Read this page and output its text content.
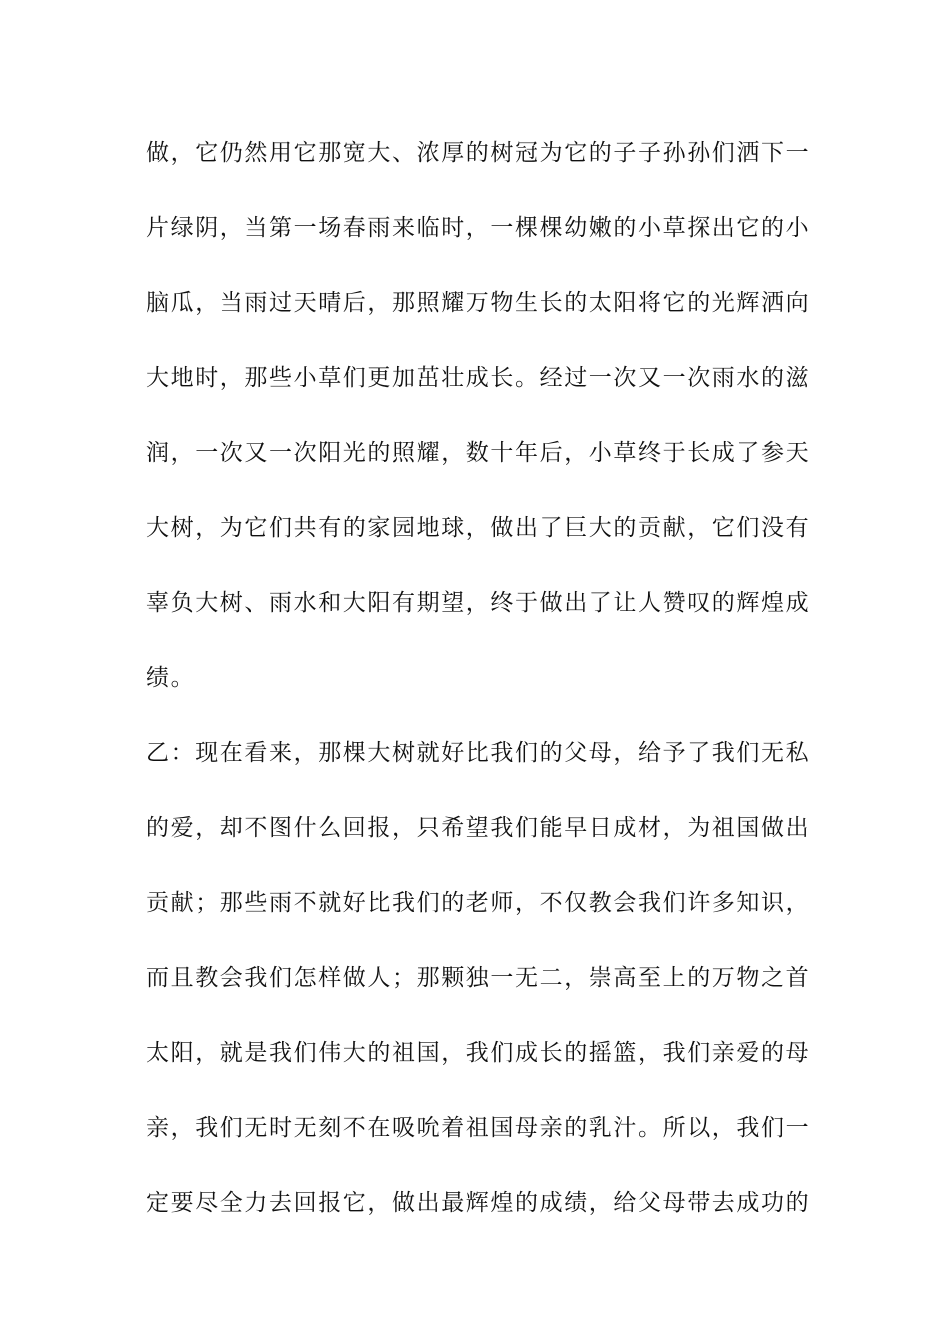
做，它仍然用它那宽大、浓厚的树冠为它的子子孙孙们洒下一
片绿阴，当第一场春雨来临时，一棵棵幼嫩的小草探出它的小
脑瓜，当雨过天晴后，那照耀万物生长的太阳将它的光辉洒向
大地时，那些小草们更加茁壮成长。经过一次又一次雨水的滋
润，一次又一次阳光的照耀，数十年后，小草终于长成了参天
大树，为它们共有的家园地球，做出了巨大的贡献，它们没有
辜负大树、雨水和大阳有期望，终于做出了让人赞叹的辉煌成
绩。
乙：现在看来，那棵大树就好比我们的父母，给予了我们无私
的爱，却不图什么回报，只希望我们能早日成材，为祖国做出
贡献；那些雨不就好比我们的老师，不仅教会我们许多知识，
而且教会我们怎样做人；那颗独一无二，崇高至上的万物之首
太阳，就是我们伟大的祖国，我们成长的摇篮，我们亲爱的母
亲，我们无时无刻不在吸吮着祖国母亲的乳汁。所以，我们一
定要尽全力去回报它，做出最辉煌的成绩，给父母带去成功的
